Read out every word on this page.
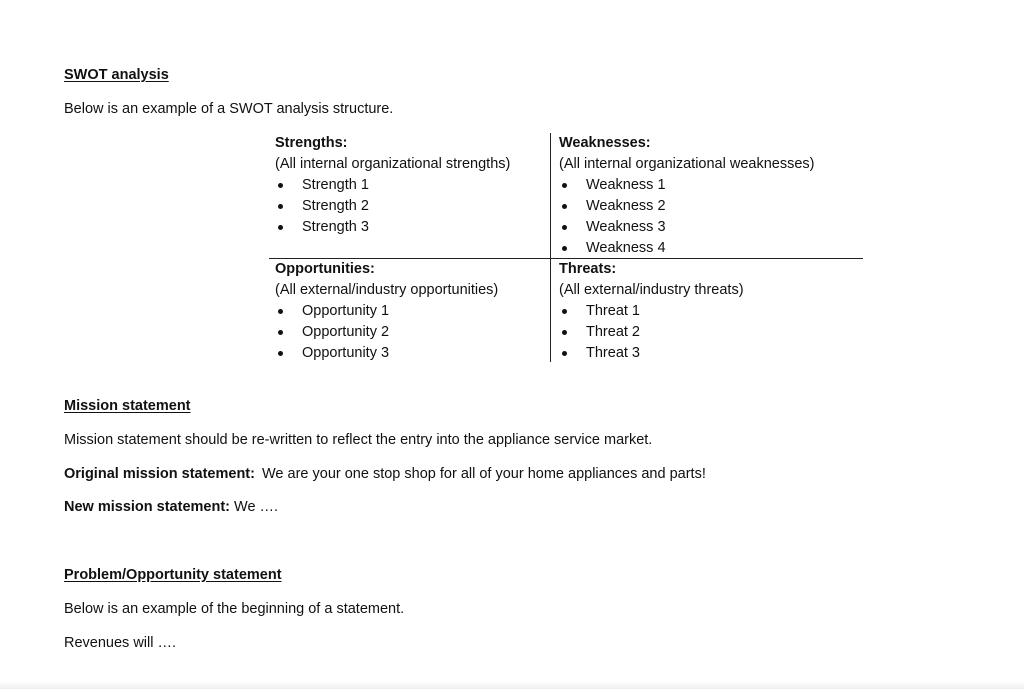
SWOT analysis
Below is an example of a SWOT analysis structure.
Strengths:
(All internal organizational strengths)
Strength 1
Strength 2
Strength 3
Weaknesses:
(All internal organizational weaknesses)
Weakness 1
Weakness 2
Weakness 3
Weakness 4
Opportunities:
(All external/industry opportunities)
Opportunity 1
Opportunity 2
Opportunity 3
Threats:
(All external/industry threats)
Threat 1
Threat 2
Threat 3
Mission statement
Mission statement should be re-written to reflect the entry into the appliance service market.
Original mission statement: We are your one stop shop for all of your home appliances and parts!
New mission statement: We ….
Problem/Opportunity statement
Below is an example of the beginning of a statement.
Revenues will ….
